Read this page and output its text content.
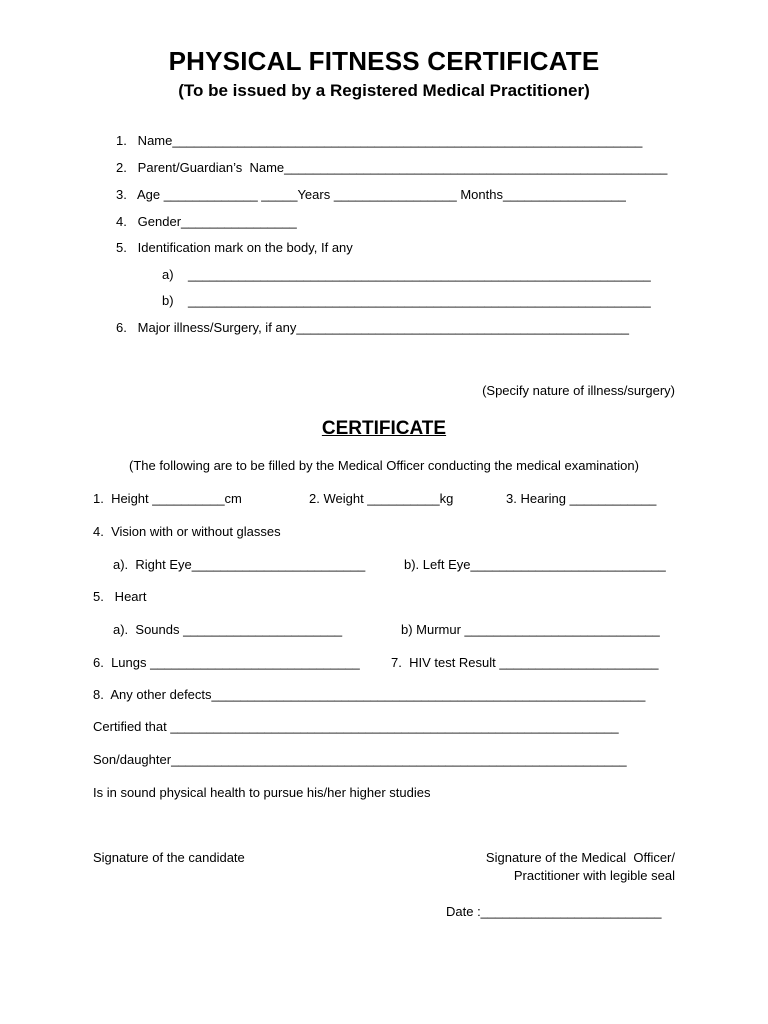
PHYSICAL FITNESS CERTIFICATE
(To be issued by a Registered Medical Practitioner)
1.   Name_________________________________________________________________
2.   Parent/Guardian’s  Name_____________________________________________________
3.   Age _____________ _____Years _________________ Months_________________
4.   Gender________________
5.   Identification mark on the body, If any
a)    ________________________________________________________________
b)    ________________________________________________________________
6.   Major illness/Surgery, if any______________________________________________
(Specify nature of illness/surgery)
CERTIFICATE
(The following are to be filled by the Medical Officer conducting the medical examination)
1.  Height __________cm	2. Weight __________kg	3. Hearing ____________
4.  Vision with or without glasses
a).  Right Eye________________________	b). Left Eye___________________________
5.   Heart
a).  Sounds ______________________	b) Murmur ___________________________
6.  Lungs _____________________________ 7.  HIV test Result ______________________
8.  Any other defects____________________________________________________________
Certified that ______________________________________________________________
Son/daughter_______________________________________________________________
Is in sound physical health to pursue his/her higher studies
Signature of the candidate	Signature of the Medical  Officer/
Practitioner with legible seal
Date :_________________________
